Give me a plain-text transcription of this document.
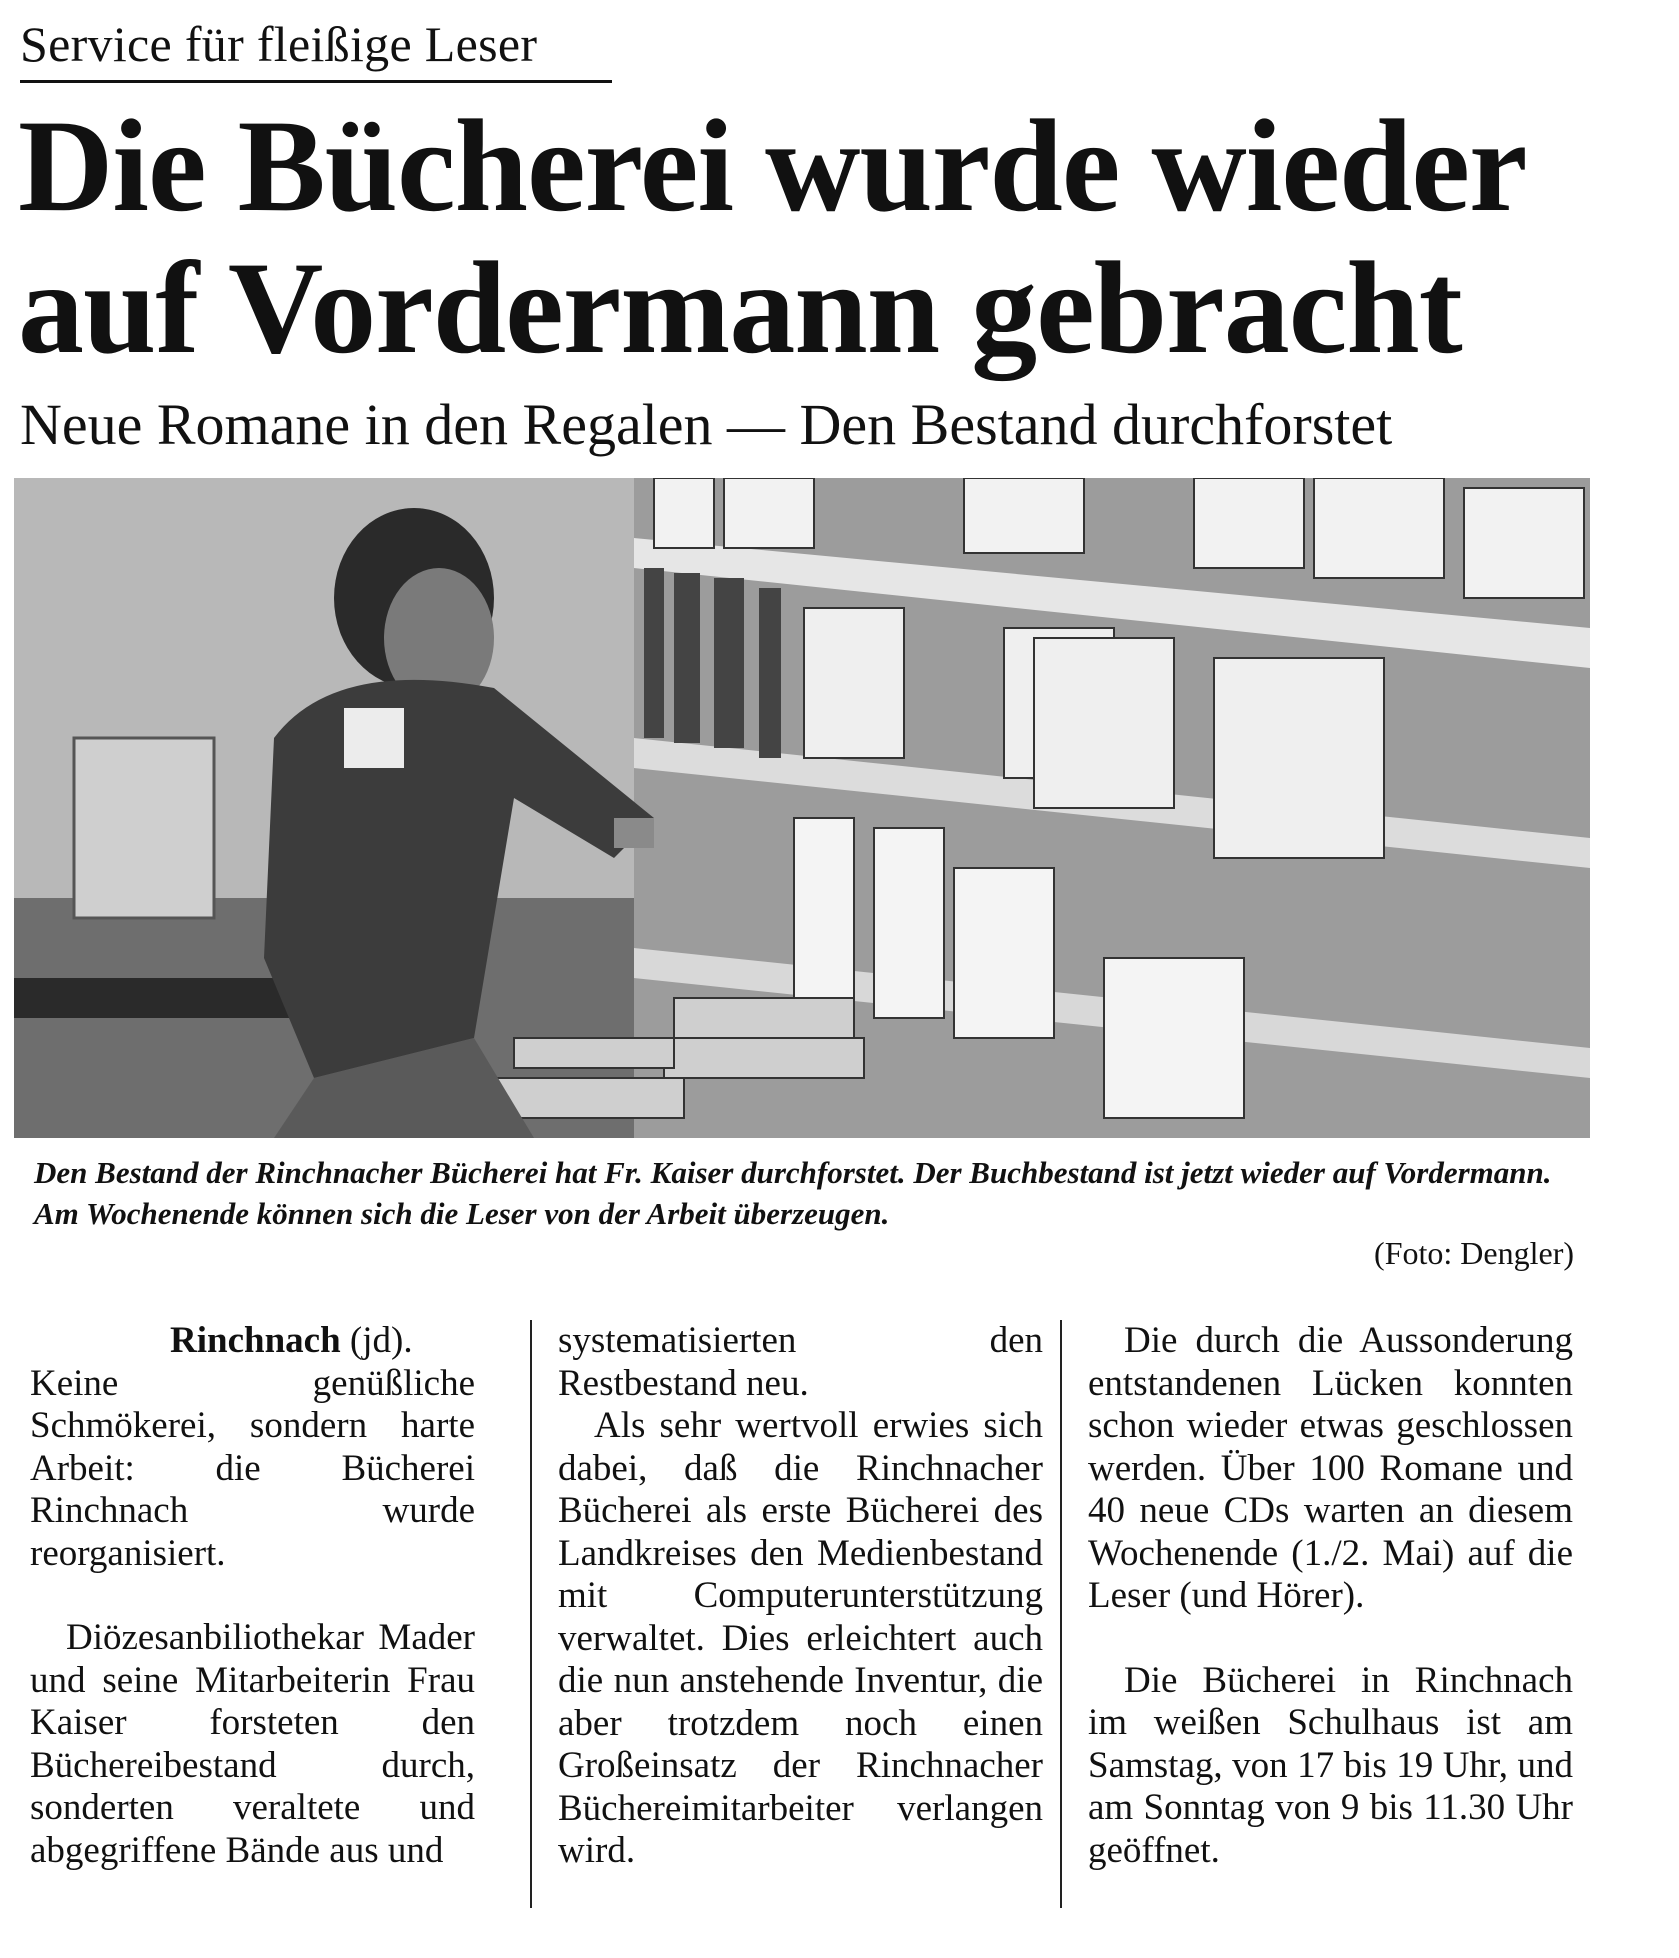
Service für fleißige Leser
Die Bücherei wurde wieder
auf Vordermann gebracht
Neue Romane in den Regalen — Den Bestand durchforstet
Den Bestand der Rinchnacher Bücherei hat Fr. Kaiser durchforstet. Der Buchbestand ist jetzt wieder auf Vordermann. Am Wochenende können sich die Leser von der Arbeit überzeugen.
(Foto: Dengler)

Rinchnach (jd).

Keine genüßliche Schmökerei, sondern harte Arbeit: die Bücherei Rinchnach wurde reorganisiert.

Diözesanbiliothekar Mader und seine Mitarbeiterin Frau Kaiser forsteten den Büchereibestand durch, sonderten veraltete und abgegriffene Bände aus und

systematisierten den Restbestand neu.

Als sehr wertvoll erwies sich dabei, daß die Rinchnacher Bücherei als erste Bücherei des Landkreises den Medienbestand mit Computerunterstützung verwaltet. Dies erleichtert auch die nun anstehende Inventur, die aber trotzdem noch einen Großeinsatz der Rinchnacher Büchereimitarbeiter verlangen wird.

Die durch die Aussonderung entstandenen Lücken konnten schon wieder etwas geschlossen werden. Über 100 Romane und 40 neue CDs warten an diesem Wochenende (1./2. Mai) auf die Leser (und Hörer).

Die Bücherei in Rinchnach im weißen Schulhaus ist am Samstag, von 17 bis 19 Uhr, und am Sonntag von 9 bis 11.30 Uhr geöffnet.
